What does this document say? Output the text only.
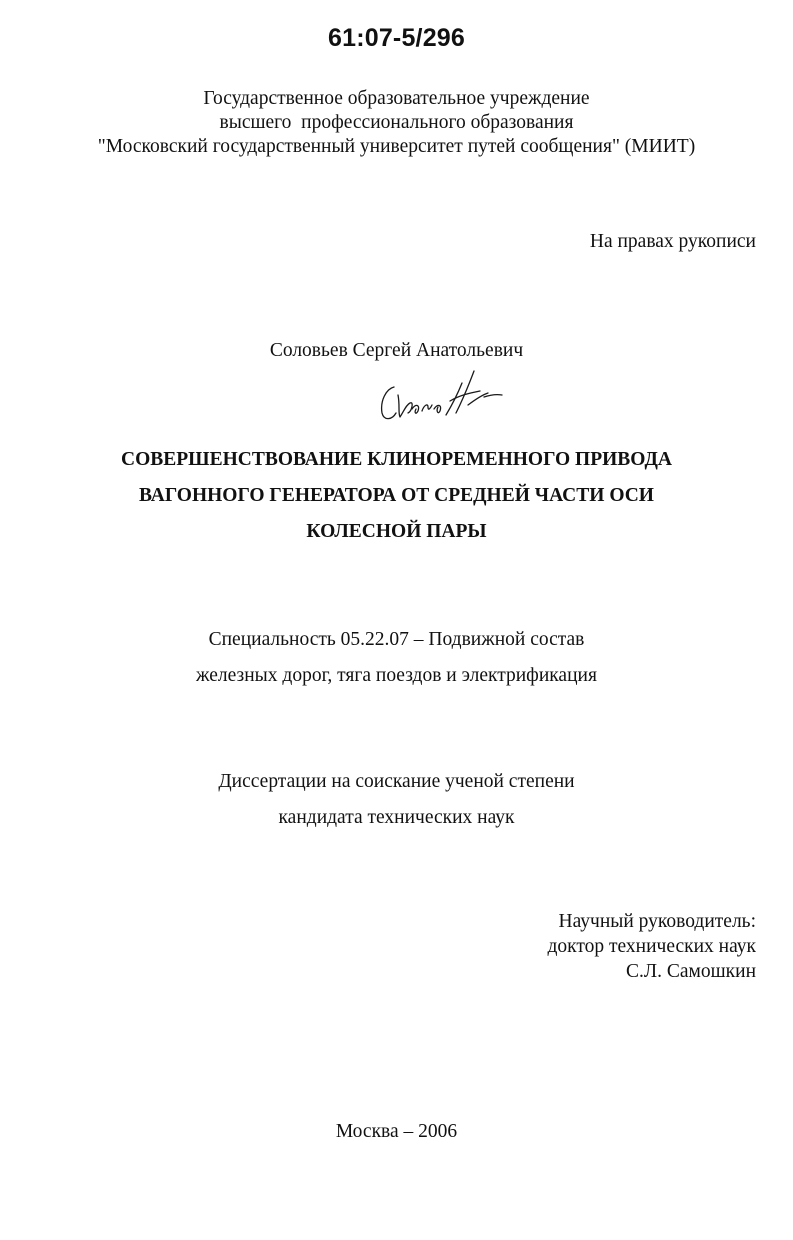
61:07-5/296
Государственное образовательное учреждение
высшего  профессионального образования
"Московский государственный университет путей сообщения" (МИИТ)
На правах рукописи
Соловьев Сергей Анатольевич
СОВЕРШЕНСТВОВАНИЕ КЛИНОРЕМЕННОГО ПРИВОДА
ВАГОННОГО ГЕНЕРАТОРА ОТ СРЕДНЕЙ ЧАСТИ ОСИ
КОЛЕСНОЙ ПАРЫ
Специальность 05.22.07 – Подвижной состав
железных дорог, тяга поездов и электрификация
Диссертации на соискание ученой степени
кандидата технических наук
Научный руководитель:
доктор технических наук
С.Л. Самошкин
Москва – 2006
